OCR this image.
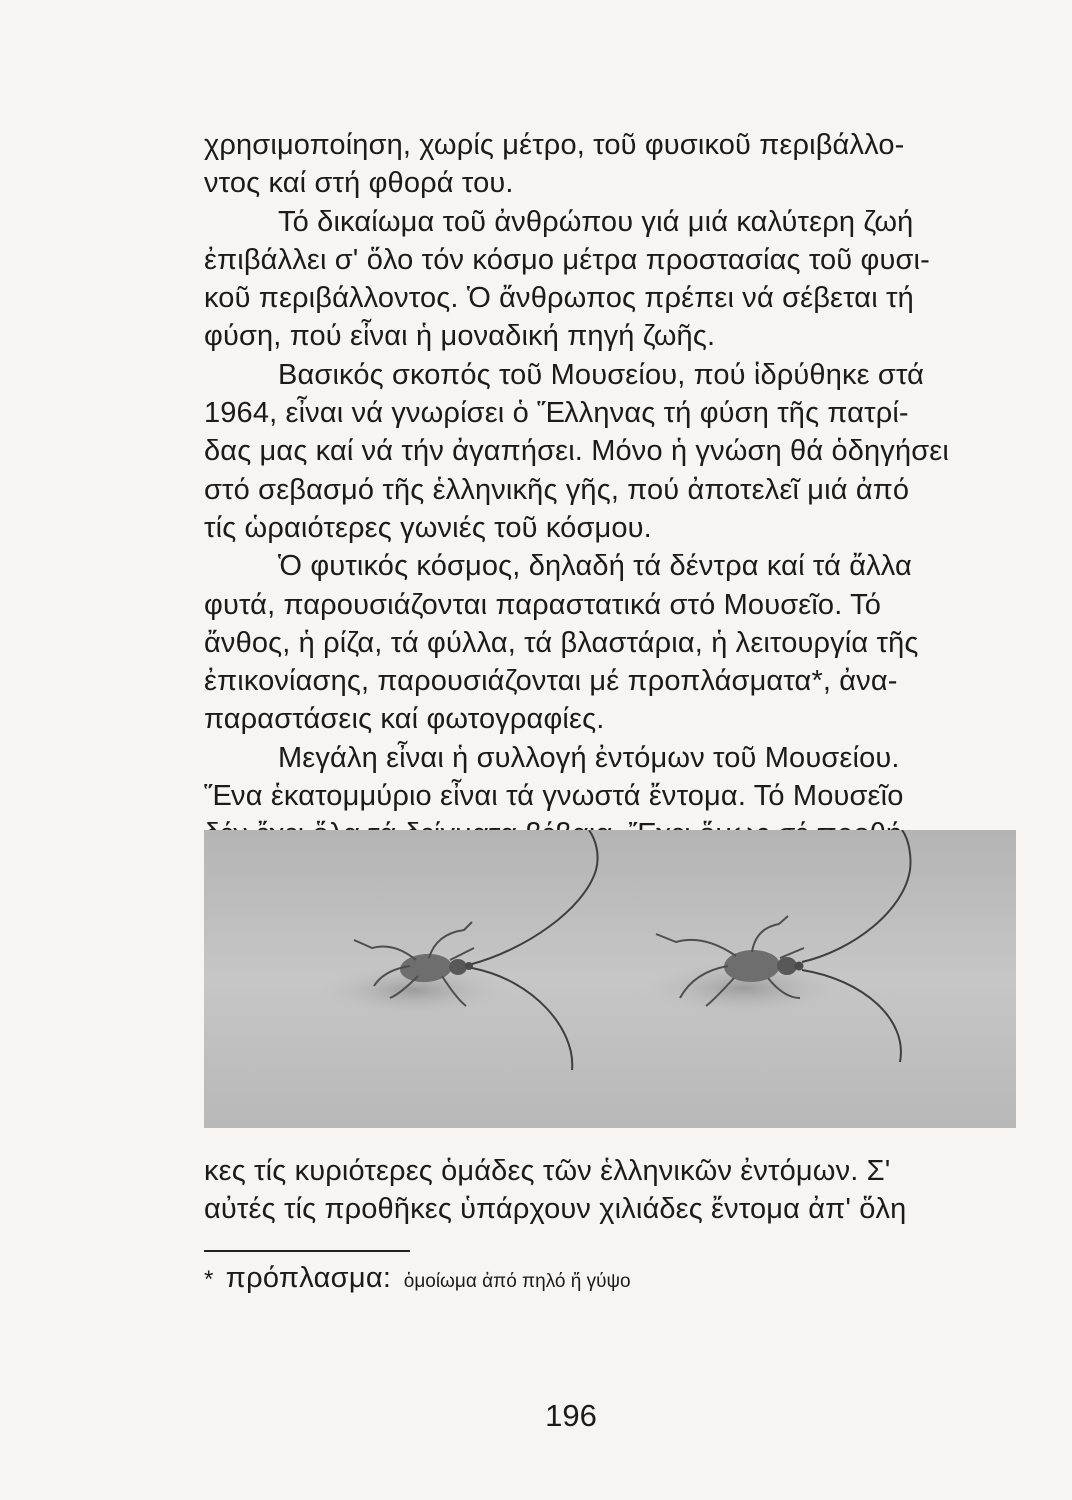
χρησιμοποίηση, χωρίς μέτρο, τοῦ φυσικοῦ περιβάλλο-
ντος καί στή φθορά του.
Τό δικαίωμα τοῦ ἀνθρώπου γιά μιά καλύτερη ζωή
ἐπιβάλλει σ' ὅλο τόν κόσμο μέτρα προστασίας τοῦ φυσι-
κοῦ περιβάλλοντος. Ὁ ἄνθρωπος πρέπει νά σέβεται τή
φύση, πού εἶναι ἡ μοναδική πηγή ζωῆς.
Βασικός σκοπός τοῦ Μουσείου, πού ἱδρύθηκε στά
1964, εἶναι νά γνωρίσει ὁ Ἕλληνας τή φύση τῆς πατρί-
δας μας καί νά τήν ἀγαπήσει. Μόνο ἡ γνώση θά ὁδηγήσει
στό σεβασμό τῆς ἑλληνικῆς γῆς, πού ἀποτελεῖ μιά ἀπό
τίς ὡραιότερες γωνιές τοῦ κόσμου.
Ὁ φυτικός κόσμος, δηλαδή τά δέντρα καί τά ἄλλα
φυτά, παρουσιάζονται παραστατικά στό Μουσεῖο. Τό
ἄνθος, ἡ ρίζα, τά φύλλα, τά βλαστάρια, ἡ λειτουργία τῆς
ἐπικονίασης, παρουσιάζονται μέ προπλάσματα*, ἀνα-
παραστάσεις καί φωτογραφίες.
Μεγάλη εἶναι ἡ συλλογή ἐντόμων τοῦ Μουσείου.
Ἕνα ἑκατομμύριο εἶναι τά γνωστά ἔντομα. Τό Μουσεῖο
κες τίς κυριότερες ὁμάδες τῶν ἑλληνικῶν ἐντόμων. Σ'
αὐτές τίς προθῆκες ὑπάρχουν χιλιάδες ἔντομα ἀπ' ὅλη
* πρόπλασμα: ὁμοίωμα ἀπό πηλό ἤ γύψο
196
